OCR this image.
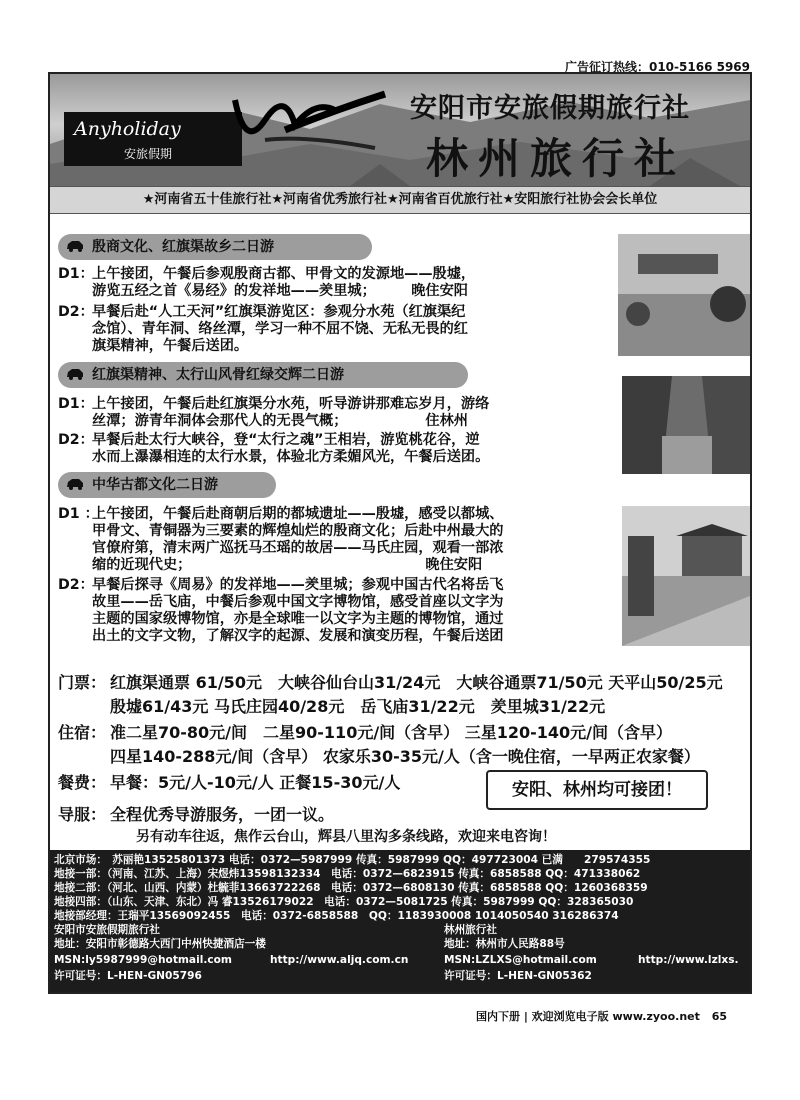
广告征订热线：010-5166 5969
Anyholiday
安旅假期
安阳市安旅假期旅行社
林州旅行社
★河南省五十佳旅行社★河南省优秀旅行社★河南省百优旅行社★安阳旅行社协会会长单位
殷商文化、红旗渠故乡二日游
D1：
上午接团，午餐后参观殷商古都、甲骨文的发源地——殷墟，
游览五经之首《易经》的发祥地——羑里城；　　　晚住安阳
D2：
早餐后赴“人工天河”红旗渠游览区：参观分水苑（红旗渠纪
念馆）、青年洞、络丝潭，学习一种不屈不饶、无私无畏的红
旗渠精神，午餐后送团。
红旗渠精神、太行山风骨红绿交辉二日游
D1：
上午接团，午餐后赴红旗渠分水苑，听导游讲那难忘岁月，游络
丝潭；游青年洞体会那代人的无畏气概；　　　　　　住林州
D2：
早餐后赴太行大峡谷，登“太行之魂”王相岩，游览桃花谷，逆
水而上瀑瀑相连的太行水景，体验北方柔媚风光，午餐后送团。
中华古都文化二日游
D1 ：
上午接团，午餐后赴商朝后期的都城遗址——殷墟，感受以都城、
甲骨文、青铜器为三要素的辉煌灿烂的殷商文化；后赴中州最大的
官僚府第，清末两广巡抚马丕瑶的故居——马氏庄园，观看一部浓
缩的近现代史；　　　　　　　　　　　　　　　　　晚住安阳
D2：
早餐后探寻《周易》的发祥地——羑里城；参观中国古代名将岳飞
故里——岳飞庙，中餐后参观中国文字博物馆，感受首座以文字为
主题的国家级博物馆，亦是全球唯一以文字为主题的博物馆，通过
出土的文字文物，了解汉字的起源、发展和演变历程，午餐后送团
门票： 红旗渠通票 61/50元　大峡谷仙台山31/24元　大峡谷通票71/50元 天平山50/25元
殷墟61/43元 马氏庄园40/28元　岳飞庙31/22元　羑里城31/22元
住宿： 准二星70-80元/间　二星90-110元/间（含早） 三星120-140元/间（含早）
四星140-288元/间（含早） 农家乐30-35元/人（含一晚住宿，一早两正农家餐）
餐费： 早餐：5元/人-10元/人 正餐15-30元/人
导服： 全程优秀导游服务，一团一议。
安阳、林州均可接团！
另有动车往返，焦作云台山，辉县八里沟多条线路，欢迎来电咨询！
北京市场：　苏丽艳13525801373 电话：0372—5987999 传真：5987999 QQ：497723004 已满　　279574355
地接一部：（河南、江苏、上海）宋煜炜13598132334　电话：0372—6823915 传真：6858588 QQ：471338062
地接二部：（河北、山西、内蒙）杜毓菲13663722268　电话：0372—6808130 传真：6858588 QQ：1260368359
地接四部：（山东、天津、东北）冯 睿13526179022　电话：0372—5081725 传真：5987999 QQ：328365030
地接部经理：王瑞平13569092455　电话：0372-6858588　QQ：1183930008 1014050540 316286374
安阳市安旅假期旅行社
地址：安阳市彰德路大西门中州快捷酒店一楼
MSN:ly5987999@hotmail.com	http://www.aljq.com.cn
许可证号：L-HEN-GN05796
林州旅行社
地址：林州市人民路88号
MSN:LZLXS@hotmail.com	http://www.lzlxs.
许可证号：L-HEN-GN05362
国内下册 | 欢迎浏览电子版 www.zyoo.net 65
